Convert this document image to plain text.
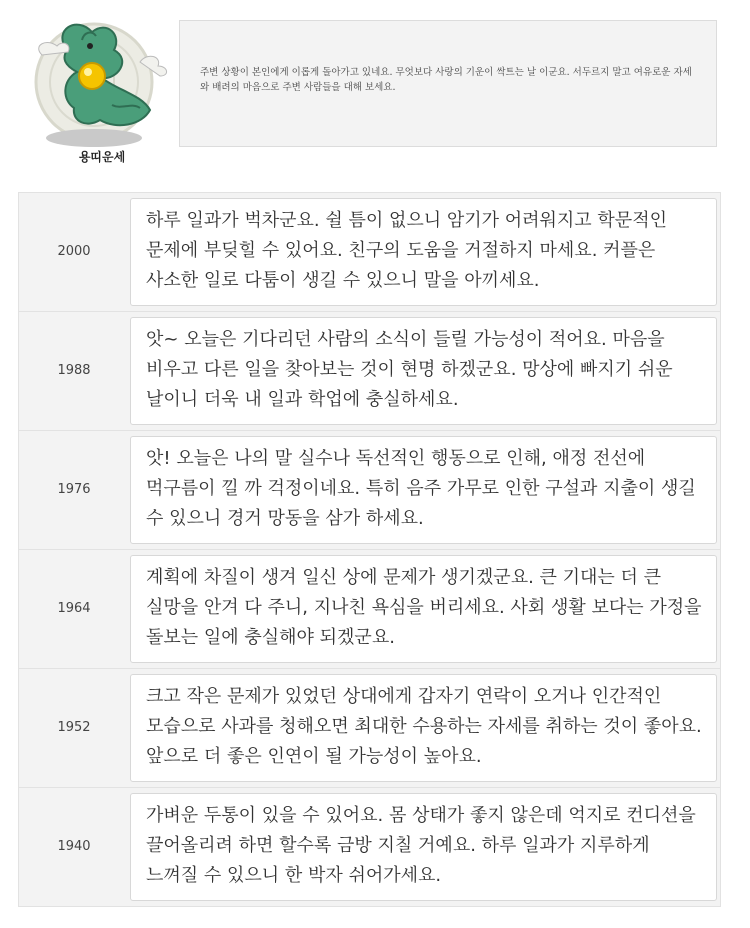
용띠운세
주변 상황이 본인에게 이롭게 돌아가고 있네요. 무엇보다 사랑의 기운이 싹트는 날 이군요. 서두르지 말고 여유로운 자세와 배려의 마음으로 주변 사람들을 대해 보세요.
2000
하루 일과가 벅차군요. 쉴 틈이 없으니 암기가 어려워지고 학문적인 문제에 부딪힐 수 있어요. 친구의 도움을 거절하지 마세요. 커플은 사소한 일로 다툼이 생길 수 있으니 말을 아끼세요.
1988
앗~ 오늘은 기다리던 사람의 소식이 들릴 가능성이 적어요. 마음을 비우고 다른 일을 찾아보는 것이 현명 하겠군요. 망상에 빠지기 쉬운 날이니 더욱 내 일과 학업에 충실하세요.
1976
앗! 오늘은 나의 말 실수나 독선적인 행동으로 인해, 애정 전선에 먹구름이 낄 까 걱정이네요. 특히 음주 가무로 인한 구설과 지출이 생길 수 있으니 경거 망동을 삼가 하세요.
1964
계획에 차질이 생겨 일신 상에 문제가 생기겠군요. 큰 기대는 더 큰 실망을 안겨 다 주니, 지나친 욕심을 버리세요. 사회 생활 보다는 가정을 돌보는 일에 충실해야 되겠군요.
1952
크고 작은 문제가 있었던 상대에게 갑자기 연락이 오거나 인간적인 모습으로 사과를 청해오면 최대한 수용하는 자세를 취하는 것이 좋아요. 앞으로 더 좋은 인연이 될 가능성이 높아요.
1940
가벼운 두통이 있을 수 있어요. 몸 상태가 좋지 않은데 억지로 컨디션을 끌어올리려 하면 할수록 금방 지칠 거예요. 하루 일과가 지루하게 느껴질 수 있으니 한 박자 쉬어가세요.
